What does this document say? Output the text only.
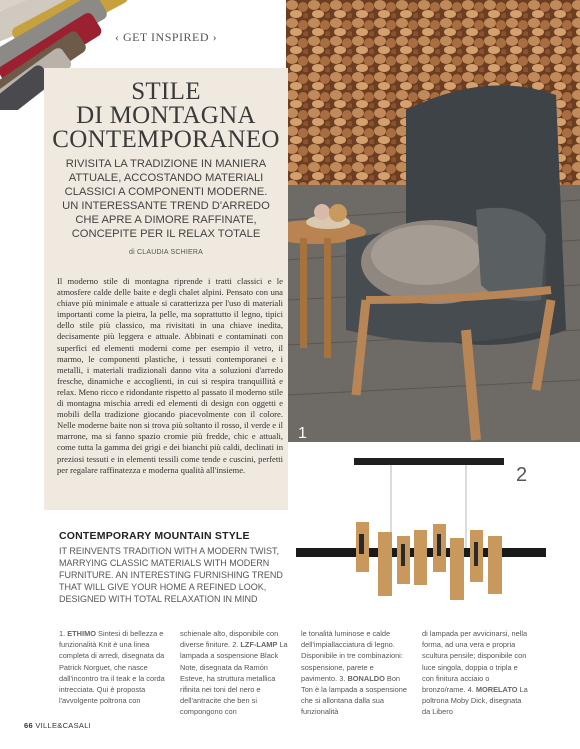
1
‹ GET INSPIRED ›
STILE
DI MONTAGNA
CONTEMPORANEO
RIVISITA LA TRADIZIONE IN MANIERA ATTUALE, ACCOSTANDO MATERIALI CLASSICI A COMPONENTI MODERNE. UN INTERESSANTE TREND D'ARREDO CHE APRE A DIMORE RAFFINATE, CONCEPITE PER IL RELAX TOTALE
di CLAUDIA SCHIERA
Il moderno stile di montagna riprende i tratti classici e le atmosfere calde delle baite e degli chalet alpini. Pensato con una chiave più minimale e attuale si caratterizza per l'uso di materiali importanti come la pietra, la pelle, ma soprattutto il legno, tipici dello stile più classico, ma rivisitati in una chiave inedita, decisamente più leggera e attuale. Abbinati e contaminati con superfici ed elementi moderni come per esempio il vetro, il marmo, le componenti plastiche, i tessuti contemporanei e i metalli, i materiali tradizionali danno vita a soluzioni d'arredo fresche, dinamiche e accoglienti, in cui si respira tranquillità e relax. Meno ricco e ridondante rispetto al passato il moderno stile di montagna mischia arredi ed elementi di design con oggetti e mobili della tradizione giocando piacevolmente con il colore. Nelle moderne baite non si trova più soltanto il rosso, il verde e il marrone, ma si fanno spazio cromie più fredde, chic e attuali, come tutta la gamma dei grigi e dei bianchi più caldi, declinati in preziosi tessuti e in elementi tessili come tende e cuscini, perfetti per regalare raffinatezza e moderna qualità all'insieme.	2
CONTEMPORARY MOUNTAIN STYLE
IT REINVENTS TRADITION WITH A MODERN TWIST, MARRYING CLASSIC MATERIALS WITH MODERN FURNITURE. AN INTERESTING FURNISHING TREND THAT WILL GIVE YOUR HOME A REFINED LOOK, DESIGNED WITH TOTAL RELAXATION IN MIND
1. ETHIMO Sintesi di bellezza e funzionalità Knit è una linea completa di arredi, disegnata da Patrick Norguet, che nasce dall'incontro tra il teak e la corda intrecciata. Qui è proposta l'avvolgente poltrona con
schienale alto, disponibile con diverse finiture. 2. LZF-LAMP La lampada a sospensione Black Note, disegnata da Ramón Esteve, ha struttura metallica rifinita nei toni del nero e dell'antracite che ben si compongono con
le tonalità luminose e calde dell'impiallacciatura di legno. Disponibile in tre combinazioni: sospensione, parete e pavimento. 3. BONALDO Bon Ton è la lampada a sospensione che si allontana dalla sua funzionalità
di lampada per avvicinarsi, nella forma, ad una vera e propria scultura pensile; disponibile con luce singola, doppia o tripla e con finitura acciaio o bronzo/rame. 4. MORELATO La poltrona Moby Dick, disegnata da Libero
66 VILLE&CASALI
